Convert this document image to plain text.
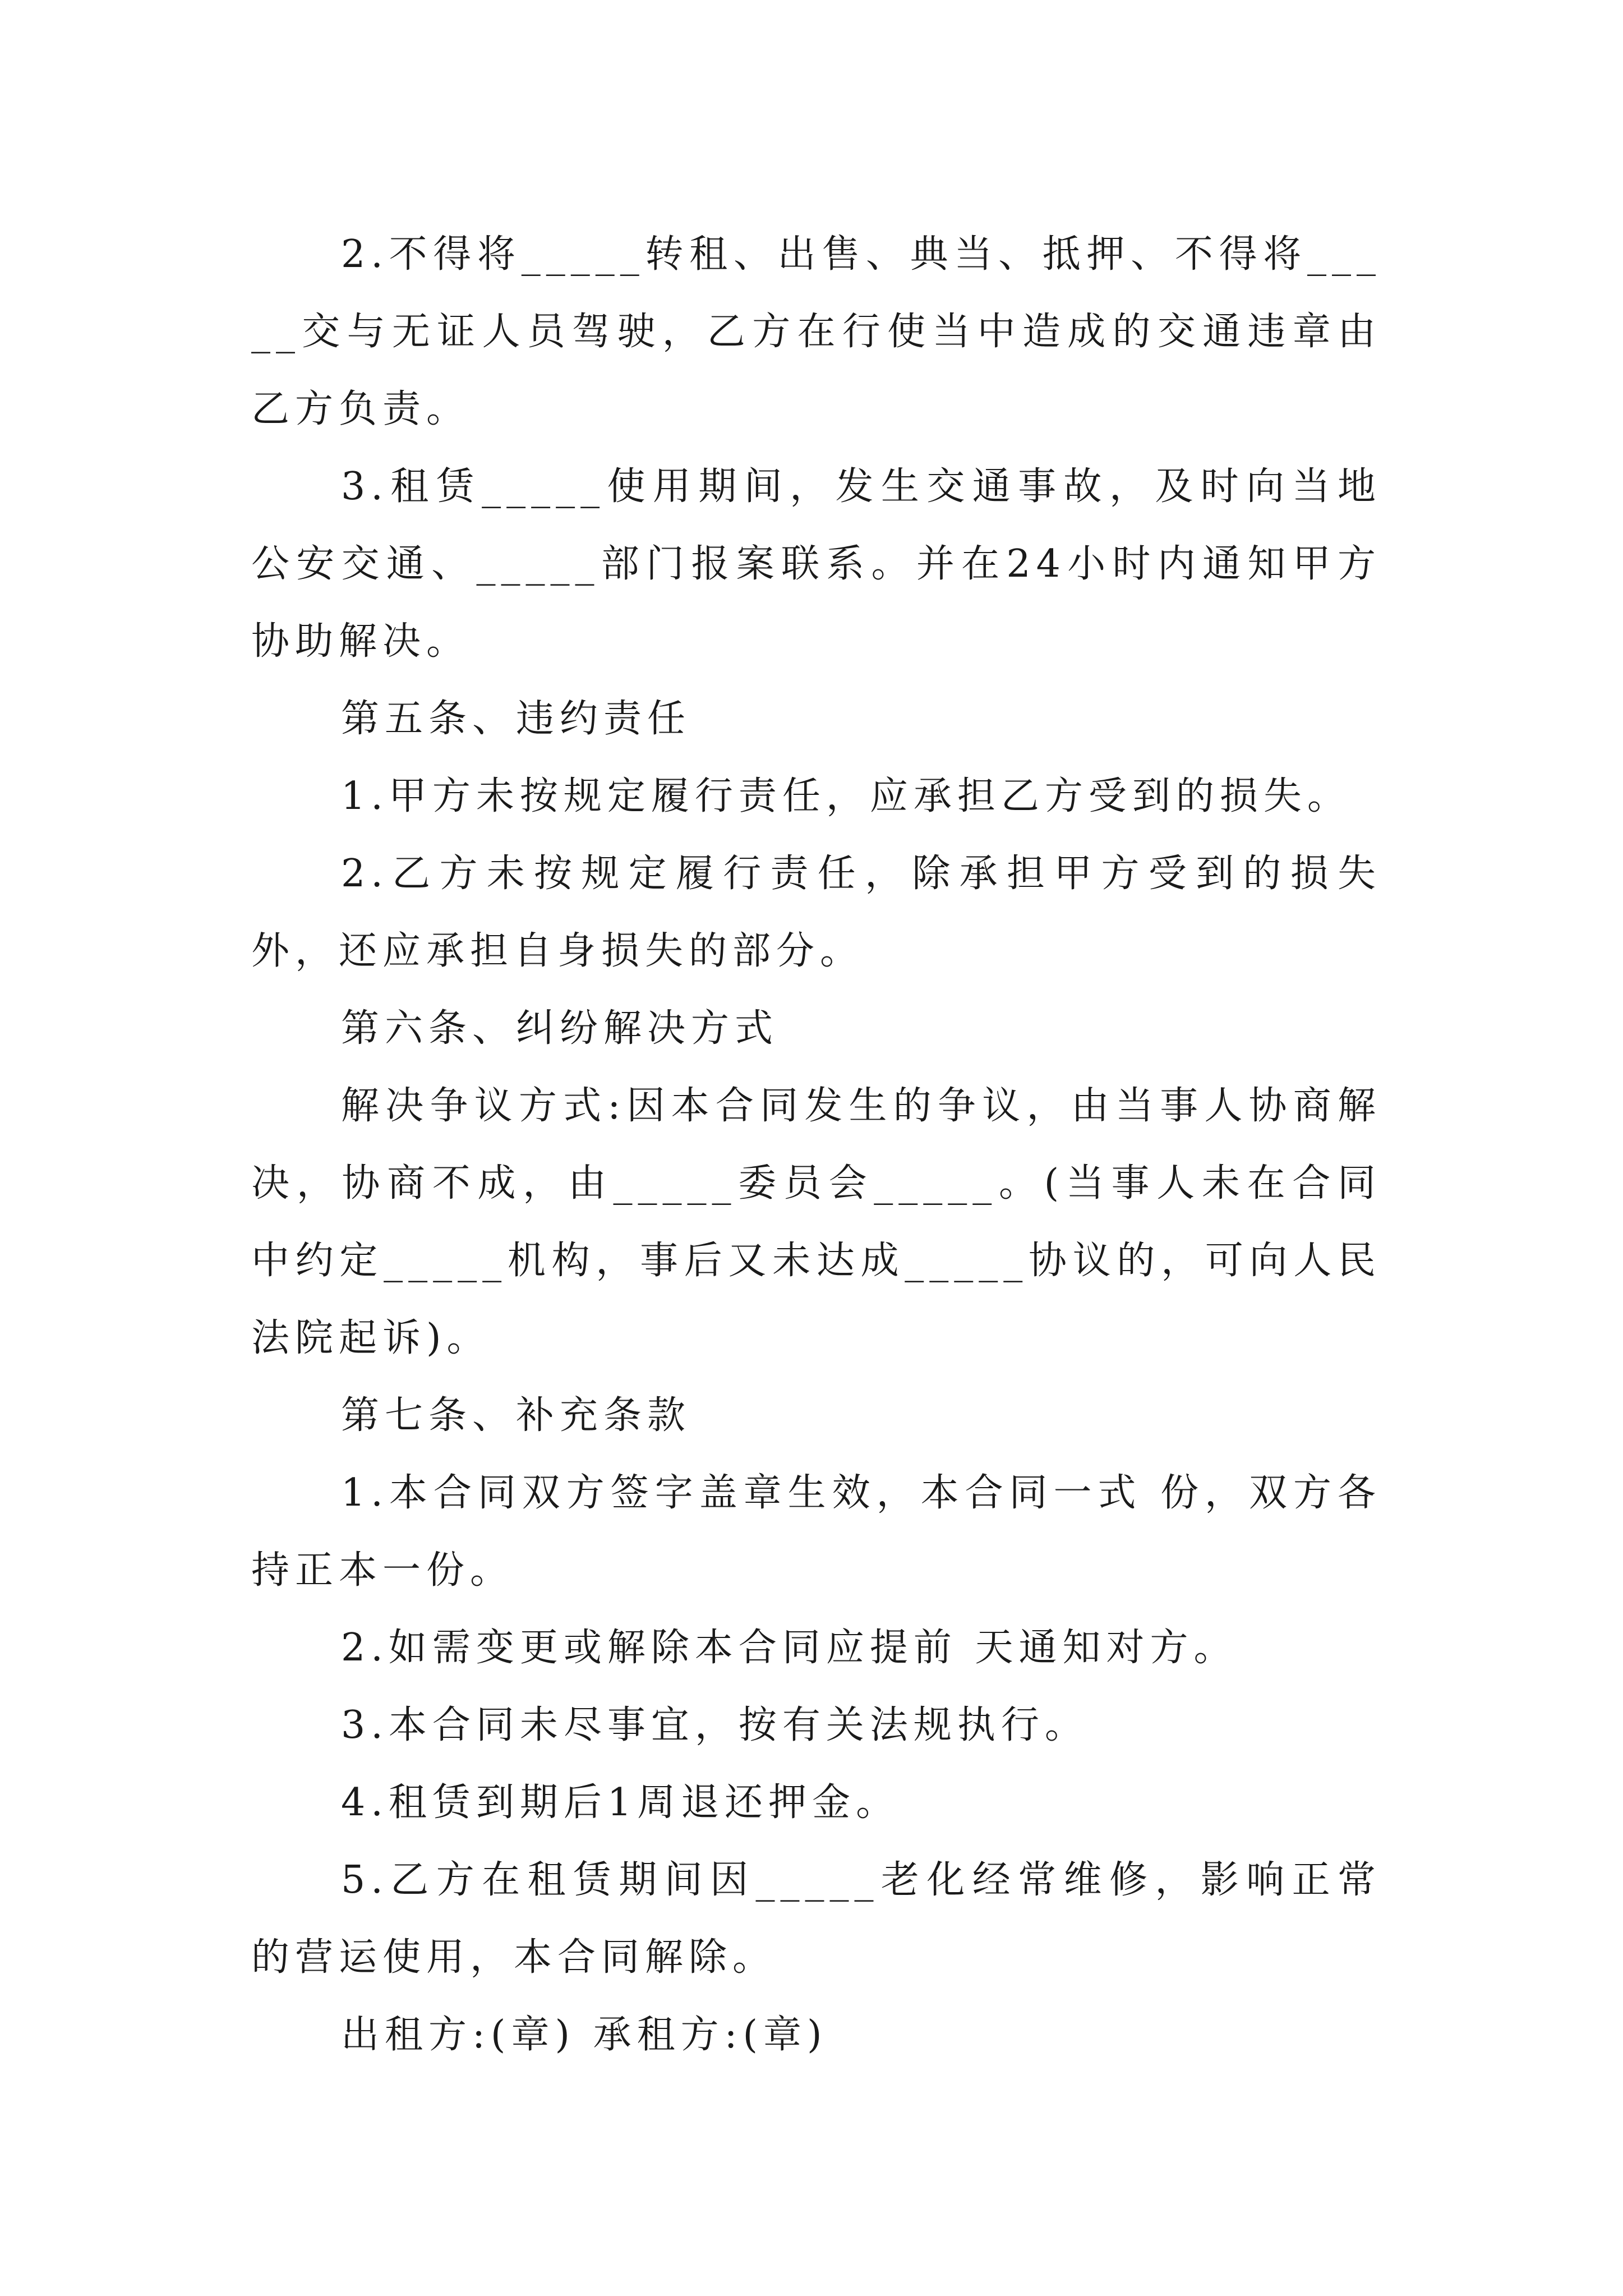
2.不得将_____转租、出售、典当、抵押、不得将_____交与无证人员驾驶，乙方在行使当中造成的交通违章由乙方负责。

3.租赁_____使用期间，发生交通事故，及时向当地公安交通、_____部门报案联系。并在24小时内通知甲方协助解决。

第五条、违约责任

1.甲方未按规定履行责任，应承担乙方受到的损失。

2.乙方未按规定履行责任，除承担甲方受到的损失外，还应承担自身损失的部分。

第六条、纠纷解决方式

解决争议方式:因本合同发生的争议，由当事人协商解决，协商不成，由_____委员会_____。(当事人未在合同中约定_____机构，事后又未达成_____协议的，可向人民法院起诉)。

第七条、补充条款

1.本合同双方签字盖章生效，本合同一式 份，双方各持正本一份。

2.如需变更或解除本合同应提前 天通知对方。

3.本合同未尽事宜，按有关法规执行。

4.租赁到期后1周退还押金。

5.乙方在租赁期间因_____老化经常维修，影响正常的营运使用，本合同解除。

出租方:(章) 承租方:(章)
